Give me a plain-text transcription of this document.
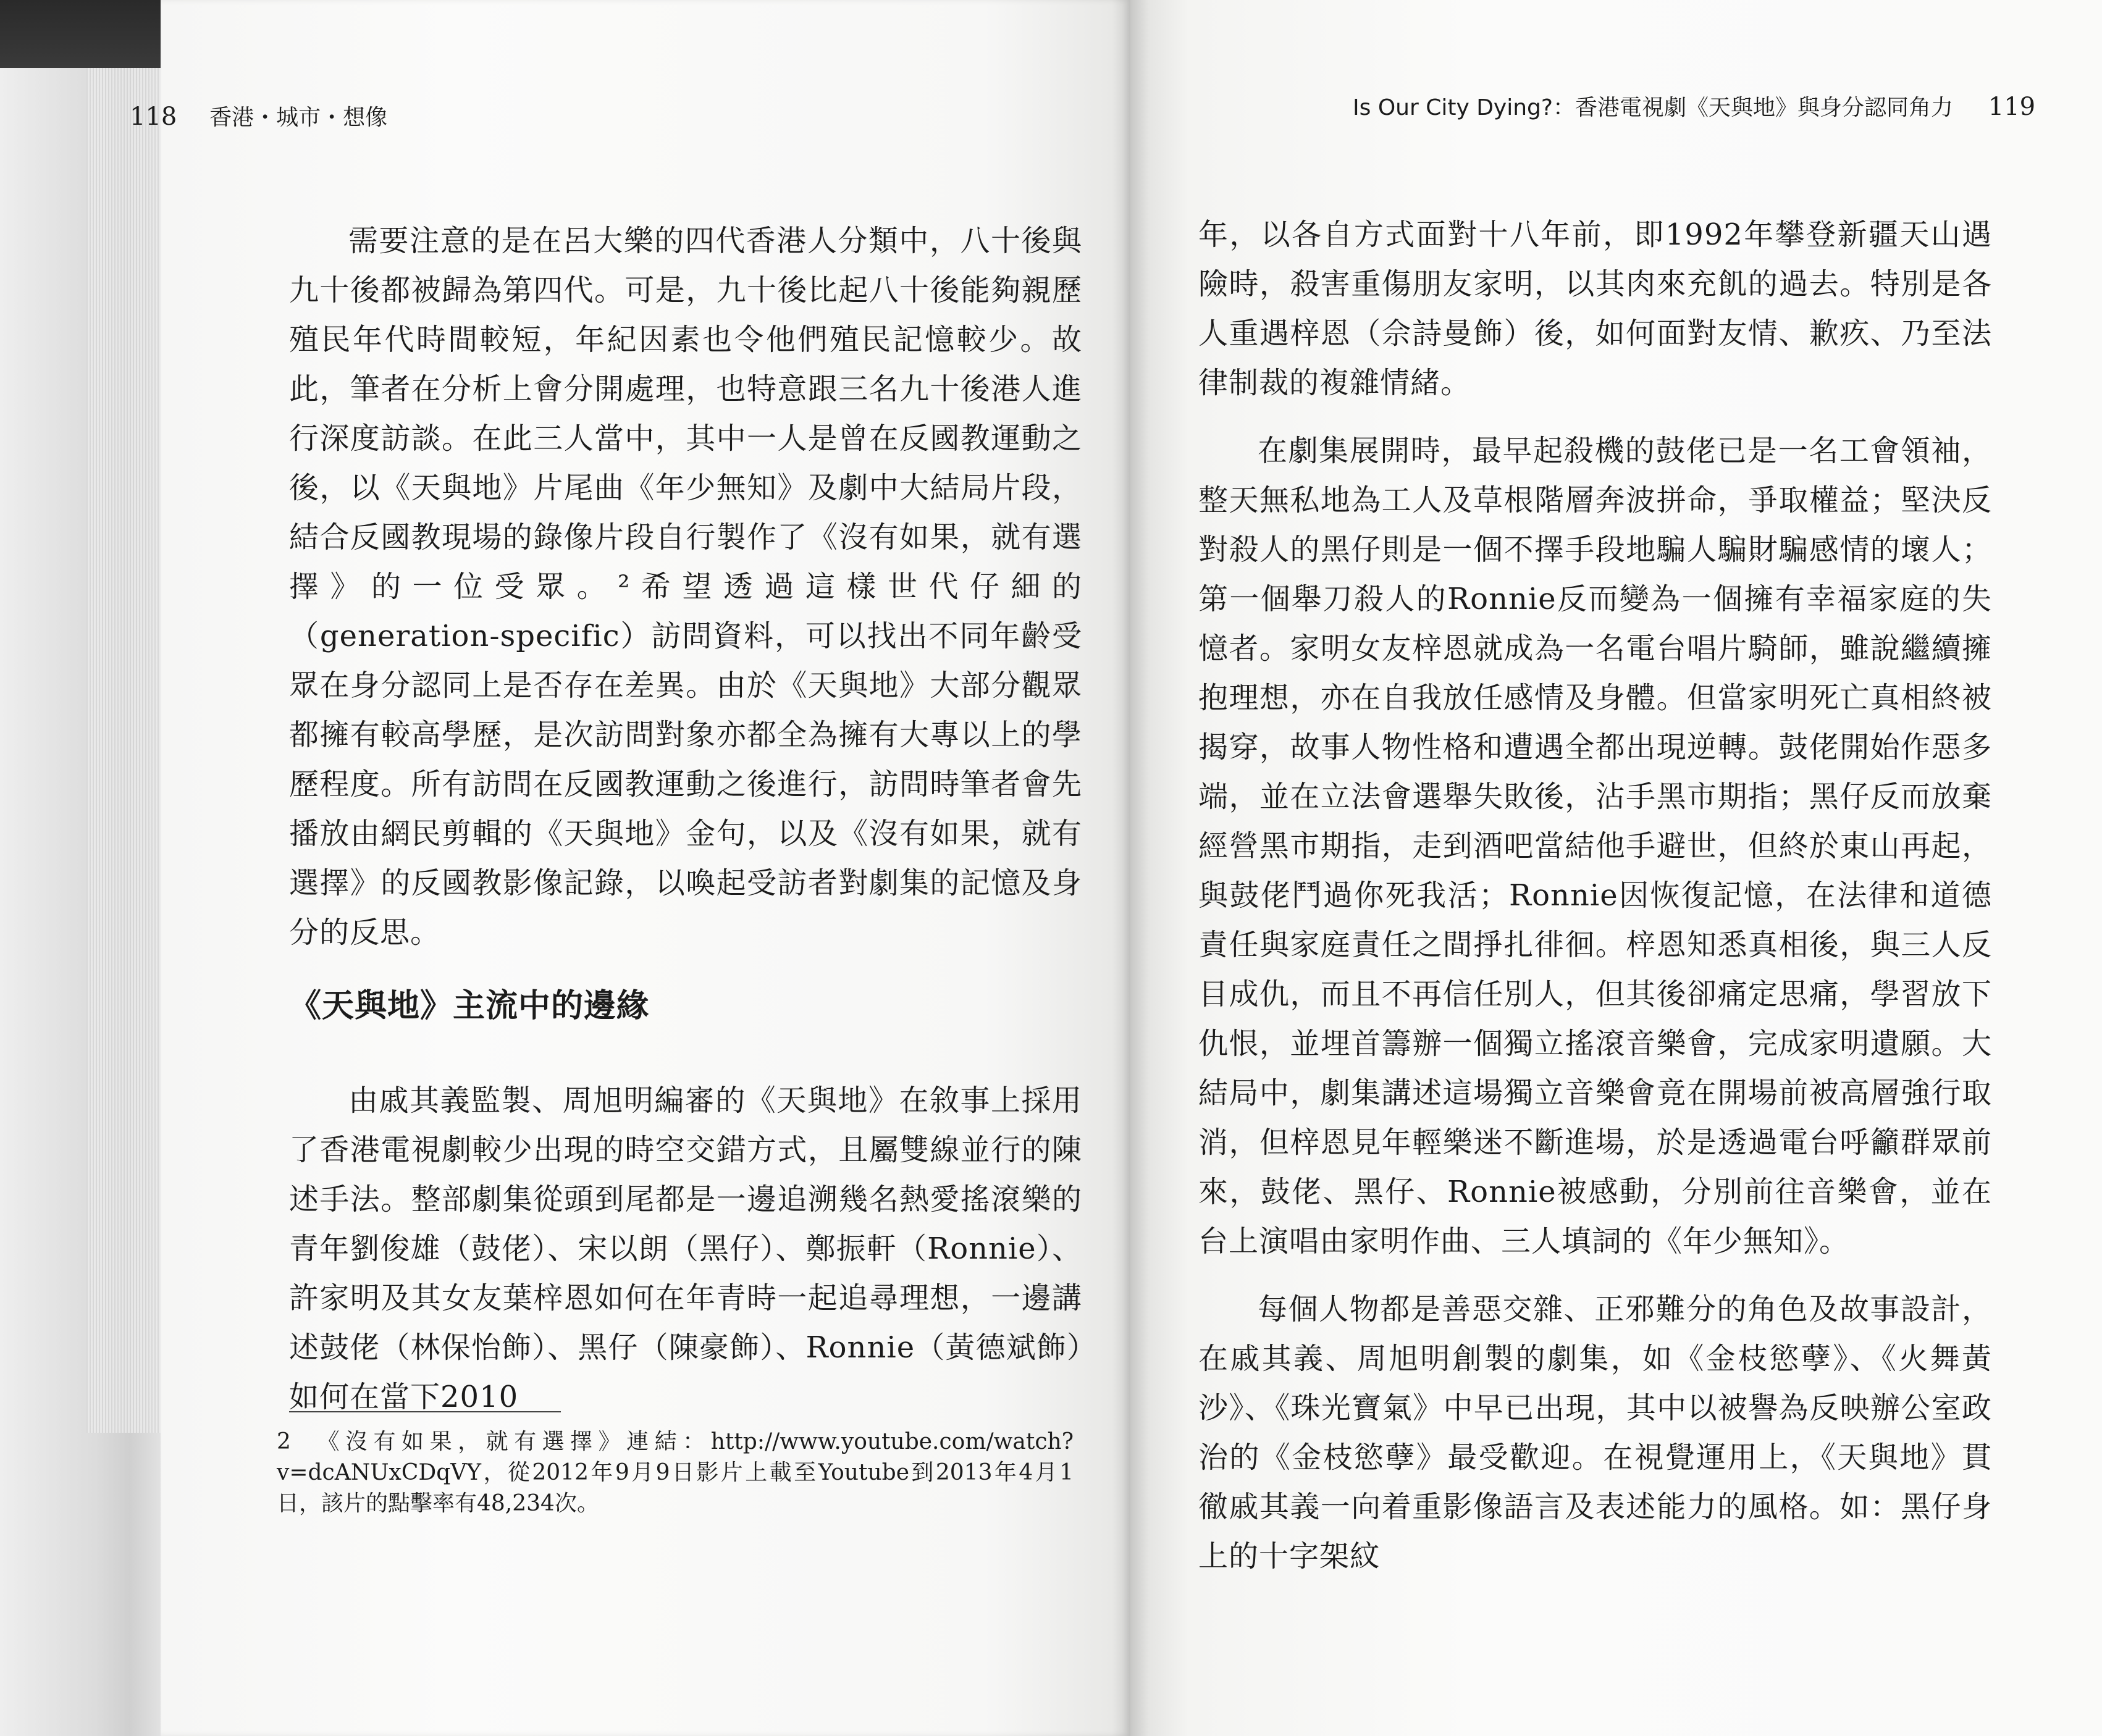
118 香港・城市・想像	Is Our City Dying?：香港電視劇《天與地》與身分認同角力 119

需要注意的是在呂大樂的四代香港人分類中，八十後與九十後都被歸為第四代。可是，九十後比起八十後能夠親歷殖民年代時間較短，年紀因素也令他們殖民記憶較少。故此，筆者在分析上會分開處理，也特意跟三名九十後港人進行深度訪談。在此三人當中，其中一人是曾在反國教運動之後，以《天與地》片尾曲《年少無知》及劇中大結局片段，結合反國教現場的錄像片段自行製作了《沒有如果，就有選擇》的一位受眾。²希望透過這樣世代仔細的（generation-specific）訪問資料，可以找出不同年齡受眾在身分認同上是否存在差異。由於《天與地》大部分觀眾都擁有較高學歷，是次訪問對象亦都全為擁有大專以上的學歷程度。所有訪問在反國教運動之後進行，訪問時筆者會先播放由網民剪輯的《天與地》金句，以及《沒有如果，就有選擇》的反國教影像記錄，以喚起受訪者對劇集的記憶及身分的反思。

《天與地》主流中的邊緣

由戚其義監製、周旭明編審的《天與地》在敘事上採用了香港電視劇較少出現的時空交錯方式，且屬雙線並行的陳述手法。整部劇集從頭到尾都是一邊追溯幾名熱愛搖滾樂的青年劉俊雄（鼓佬）、宋以朗（黑仔）、鄭振軒（Ronnie）、許家明及其女友葉梓恩如何在年青時一起追尋理想，一邊講述鼓佬（林保怡飾）、黑仔（陳豪飾）、Ronnie（黃德斌飾）如何在當下2010

2 《沒有如果，就有選擇》連結：http://www.youtube.com/watch?v=dcANUxCDqVY，從2012年9月9日影片上載至Youtube到2013年4月1日，該片的點擊率有48,234次。

年，以各自方式面對十八年前，即1992年攀登新疆天山遇險時，殺害重傷朋友家明，以其肉來充飢的過去。特別是各人重遇梓恩（佘詩曼飾）後，如何面對友情、歉疚、乃至法律制裁的複雜情緒。

在劇集展開時，最早起殺機的鼓佬已是一名工會領袖，整天無私地為工人及草根階層奔波拼命，爭取權益；堅決反對殺人的黑仔則是一個不擇手段地騙人騙財騙感情的壞人；第一個舉刀殺人的Ronnie反而變為一個擁有幸福家庭的失憶者。家明女友梓恩就成為一名電台唱片騎師，雖說繼續擁抱理想，亦在自我放任感情及身體。但當家明死亡真相終被揭穿，故事人物性格和遭遇全都出現逆轉。鼓佬開始作惡多端，並在立法會選舉失敗後，沾手黑市期指；黑仔反而放棄經營黑市期指，走到酒吧當結他手避世，但終於東山再起，與鼓佬鬥過你死我活；Ronnie因恢復記憶，在法律和道德責任與家庭責任之間掙扎徘徊。梓恩知悉真相後，與三人反目成仇，而且不再信任別人，但其後卻痛定思痛，學習放下仇恨，並埋首籌辦一個獨立搖滾音樂會，完成家明遺願。大結局中，劇集講述這場獨立音樂會竟在開場前被高層強行取消，但梓恩見年輕樂迷不斷進場，於是透過電台呼籲群眾前來，鼓佬、黑仔、Ronnie被感動，分別前往音樂會，並在台上演唱由家明作曲、三人填詞的《年少無知》。

每個人物都是善惡交雜、正邪難分的角色及故事設計，在戚其義、周旭明創製的劇集，如《金枝慾孽》、《火舞黃沙》、《珠光寶氣》中早已出現，其中以被譽為反映辦公室政治的《金枝慾孽》最受歡迎。在視覺運用上，《天與地》貫徹戚其義一向着重影像語言及表述能力的風格。如：黑仔身上的十字架紋
